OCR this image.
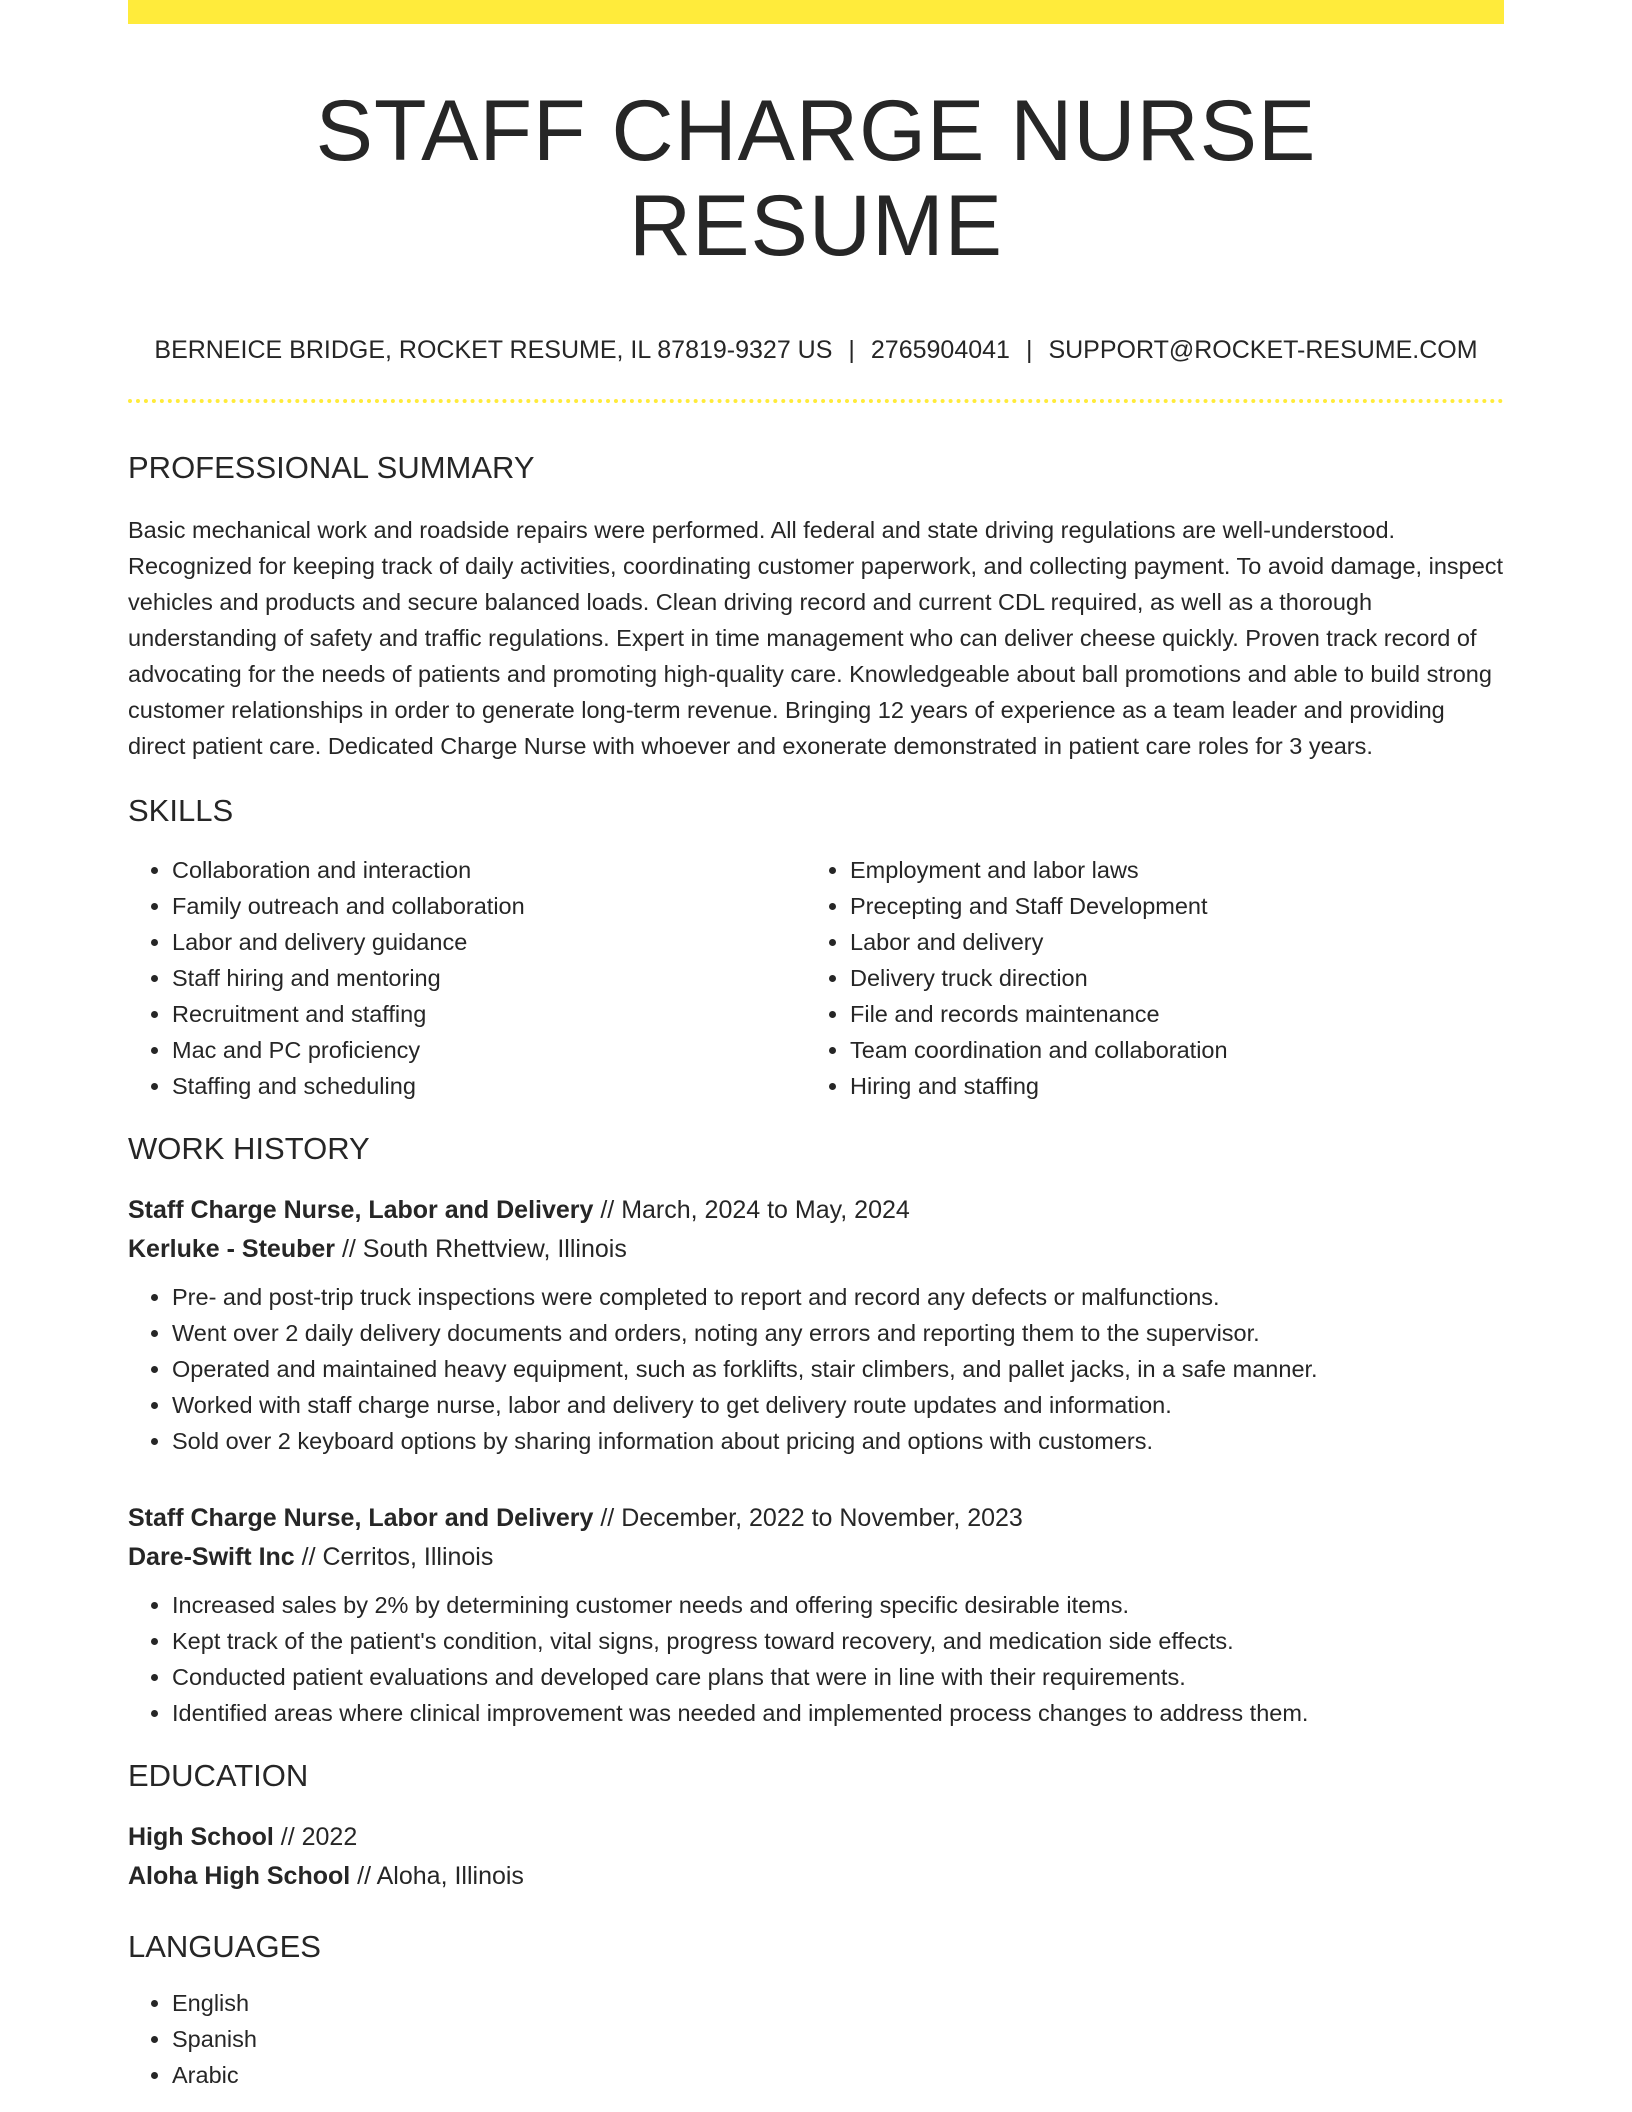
STAFF CHARGE NURSE RESUME
BERNEICE BRIDGE, ROCKET RESUME, IL 87819-9327 US | 2765904041 | SUPPORT@ROCKET-RESUME.COM
PROFESSIONAL SUMMARY
Basic mechanical work and roadside repairs were performed. All federal and state driving regulations are well-understood. Recognized for keeping track of daily activities, coordinating customer paperwork, and collecting payment. To avoid damage, inspect vehicles and products and secure balanced loads. Clean driving record and current CDL required, as well as a thorough understanding of safety and traffic regulations. Expert in time management who can deliver cheese quickly. Proven track record of advocating for the needs of patients and promoting high-quality care. Knowledgeable about ball promotions and able to build strong customer relationships in order to generate long-term revenue. Bringing 12 years of experience as a team leader and providing direct patient care. Dedicated Charge Nurse with whoever and exonerate demonstrated in patient care roles for 3 years.
SKILLS
• Collaboration and interaction
• Family outreach and collaboration
• Labor and delivery guidance
• Staff hiring and mentoring
• Recruitment and staffing
• Mac and PC proficiency
• Staffing and scheduling
• Employment and labor laws
• Precepting and Staff Development
• Labor and delivery
• Delivery truck direction
• File and records maintenance
• Team coordination and collaboration
• Hiring and staffing
WORK HISTORY
Staff Charge Nurse, Labor and Delivery // March, 2024 to May, 2024
Kerluke - Steuber // South Rhettview, Illinois
• Pre- and post-trip truck inspections were completed to report and record any defects or malfunctions.
• Went over 2 daily delivery documents and orders, noting any errors and reporting them to the supervisor.
• Operated and maintained heavy equipment, such as forklifts, stair climbers, and pallet jacks, in a safe manner.
• Worked with staff charge nurse, labor and delivery to get delivery route updates and information.
• Sold over 2 keyboard options by sharing information about pricing and options with customers.
Staff Charge Nurse, Labor and Delivery // December, 2022 to November, 2023
Dare-Swift Inc // Cerritos, Illinois
• Increased sales by 2% by determining customer needs and offering specific desirable items.
• Kept track of the patient's condition, vital signs, progress toward recovery, and medication side effects.
• Conducted patient evaluations and developed care plans that were in line with their requirements.
• Identified areas where clinical improvement was needed and implemented process changes to address them.
EDUCATION
High School // 2022
Aloha High School // Aloha, Illinois
LANGUAGES
• English
• Spanish
• Arabic
